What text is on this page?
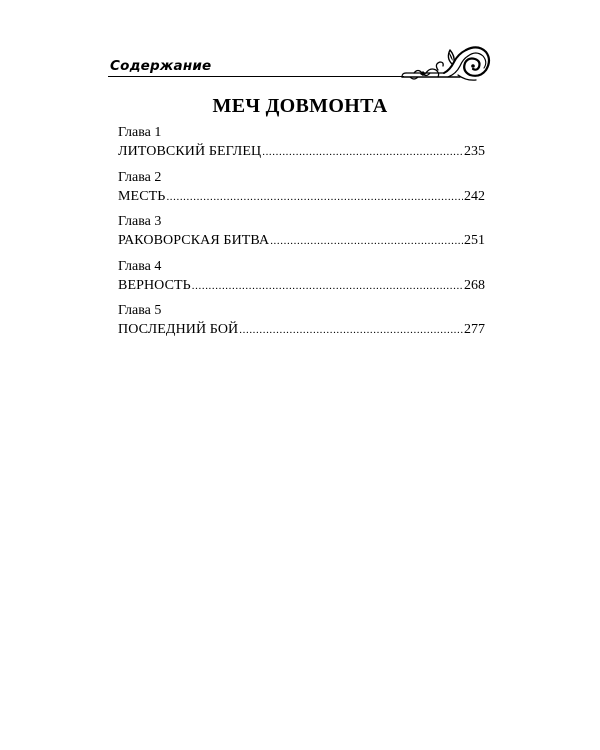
Содержание
МЕЧ ДОВМОНТА
Глава 1
ЛИТОВСКИЙ БЕГЛЕЦ .....	235
Глава 2
МЕСТЬ .....	242
Глава 3
РАКОВОРСКАЯ БИТВА .....	251
Глава 4
ВЕРНОСТЬ .....	268
Глава 5
ПОСЛЕДНИЙ БОЙ .....	277
